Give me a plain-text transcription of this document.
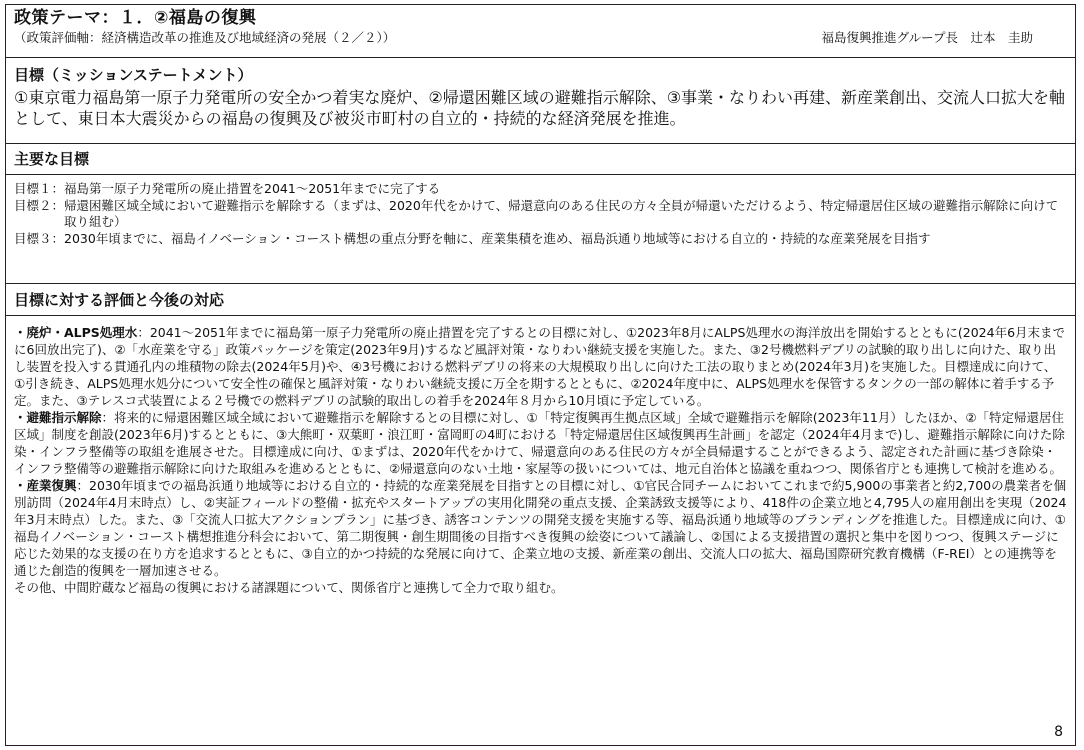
政策テーマ：１．②福島の復興
（政策評価軸：経済構造改革の推進及び地域経済の発展（２／２））	福島復興推進グループ長　辻本　圭助
目標（ミッションステートメント）
①東京電力福島第一原子力発電所の安全かつ着実な廃炉、②帰還困難区域の避難指示解除、③事業・なりわい再建、新産業創出、交流人口拡大を軸として、東日本大震災からの福島の復興及び被災市町村の自立的・持続的な経済発展を推進。
主要な目標
目標１： 福島第一原子力発電所の廃止措置を2041～2051年までに完了する
目標２： 帰還困難区域全域において避難指示を解除する（まずは、2020年代をかけて、帰還意向のある住民の方々全員が帰還いただけるよう、特定帰還居住区域の避難指示解除に向けて取り組む）
目標３： 2030年頃までに、福島イノベーション・コースト構想の重点分野を軸に、産業集積を進め、福島浜通り地域等における自立的・持続的な産業発展を目指す
目標に対する評価と今後の対応
・廃炉・ALPS処理水：2041～2051年までに福島第一原子力発電所の廃止措置を完了するとの目標に対し、①2023年8月にALPS処理水の海洋放出を開始するとともに(2024年6月末までに6回放出完了)、②「水産業を守る」政策パッケージを策定(2023年9月)するなど風評対策・なりわい継続支援を実施した。また、③2号機燃料デブリの試験的取り出しに向けた、取り出し装置を投入する貫通孔内の堆積物の除去(2024年5月)や、④3号機における燃料デブリの将来の大規模取り出しに向けた工法の取りまとめ(2024年3月)を実施した。目標達成に向けて、①引き続き、ALPS処理水処分について安全性の確保と風評対策・なりわい継続支援に万全を期するとともに、②2024年度中に、ALPS処理水を保管するタンクの一部の解体に着手する予定。また、③テレスコ式装置による２号機での燃料デブリの試験的取出しの着手を2024年８月から10月頃に予定している。
・避難指示解除：将来的に帰還困難区域全域において避難指示を解除するとの目標に対し、①「特定復興再生拠点区域」全域で避難指示を解除(2023年11月）したほか、②「特定帰還居住区域」制度を創設(2023年6月)するとともに、③大熊町・双葉町・浪江町・富岡町の4町における「特定帰還居住区域復興再生計画」を認定（2024年4月まで)し、避難指示解除に向けた除染・インフラ整備等の取組を進展させた。目標達成に向け、①まずは、2020年代をかけて、帰還意向のある住民の方々が全員帰還することができるよう、認定された計画に基づき除染・インフラ整備等の避難指示解除に向けた取組みを進めるとともに、②帰還意向のない土地・家屋等の扱いについては、地元自治体と協議を重ねつつ、関係省庁とも連携して検討を進める。
・産業復興：2030年頃までの福島浜通り地域等における自立的・持続的な産業発展を目指すとの目標に対し、①官民合同チームにおいてこれまで約5,900の事業者と約2,700の農業者を個別訪問（2024年4月末時点）し、②実証フィールドの整備・拡充やスタートアップの実用化開発の重点支援、企業誘致支援等により、418件の企業立地と4,795人の雇用創出を実現（2024年3月末時点）した。また、③「交流人口拡大アクションプラン」に基づき、誘客コンテンツの開発支援を実施する等、福島浜通り地域等のブランディングを推進した。目標達成に向け、①福島イノベーション・コースト構想推進分科会において、第二期復興・創生期間後の目指すべき復興の絵姿について議論し、②国による支援措置の選択と集中を図りつつ、復興ステージに応じた効果的な支援の在り方を追求するとともに、③自立的かつ持続的な発展に向けて、企業立地の支援、新産業の創出、交流人口の拡大、福島国際研究教育機構（F-REI）との連携等を通じた創造的復興を一層加速させる。
その他、中間貯蔵など福島の復興における諸課題について、関係省庁と連携して全力で取り組む。
8
